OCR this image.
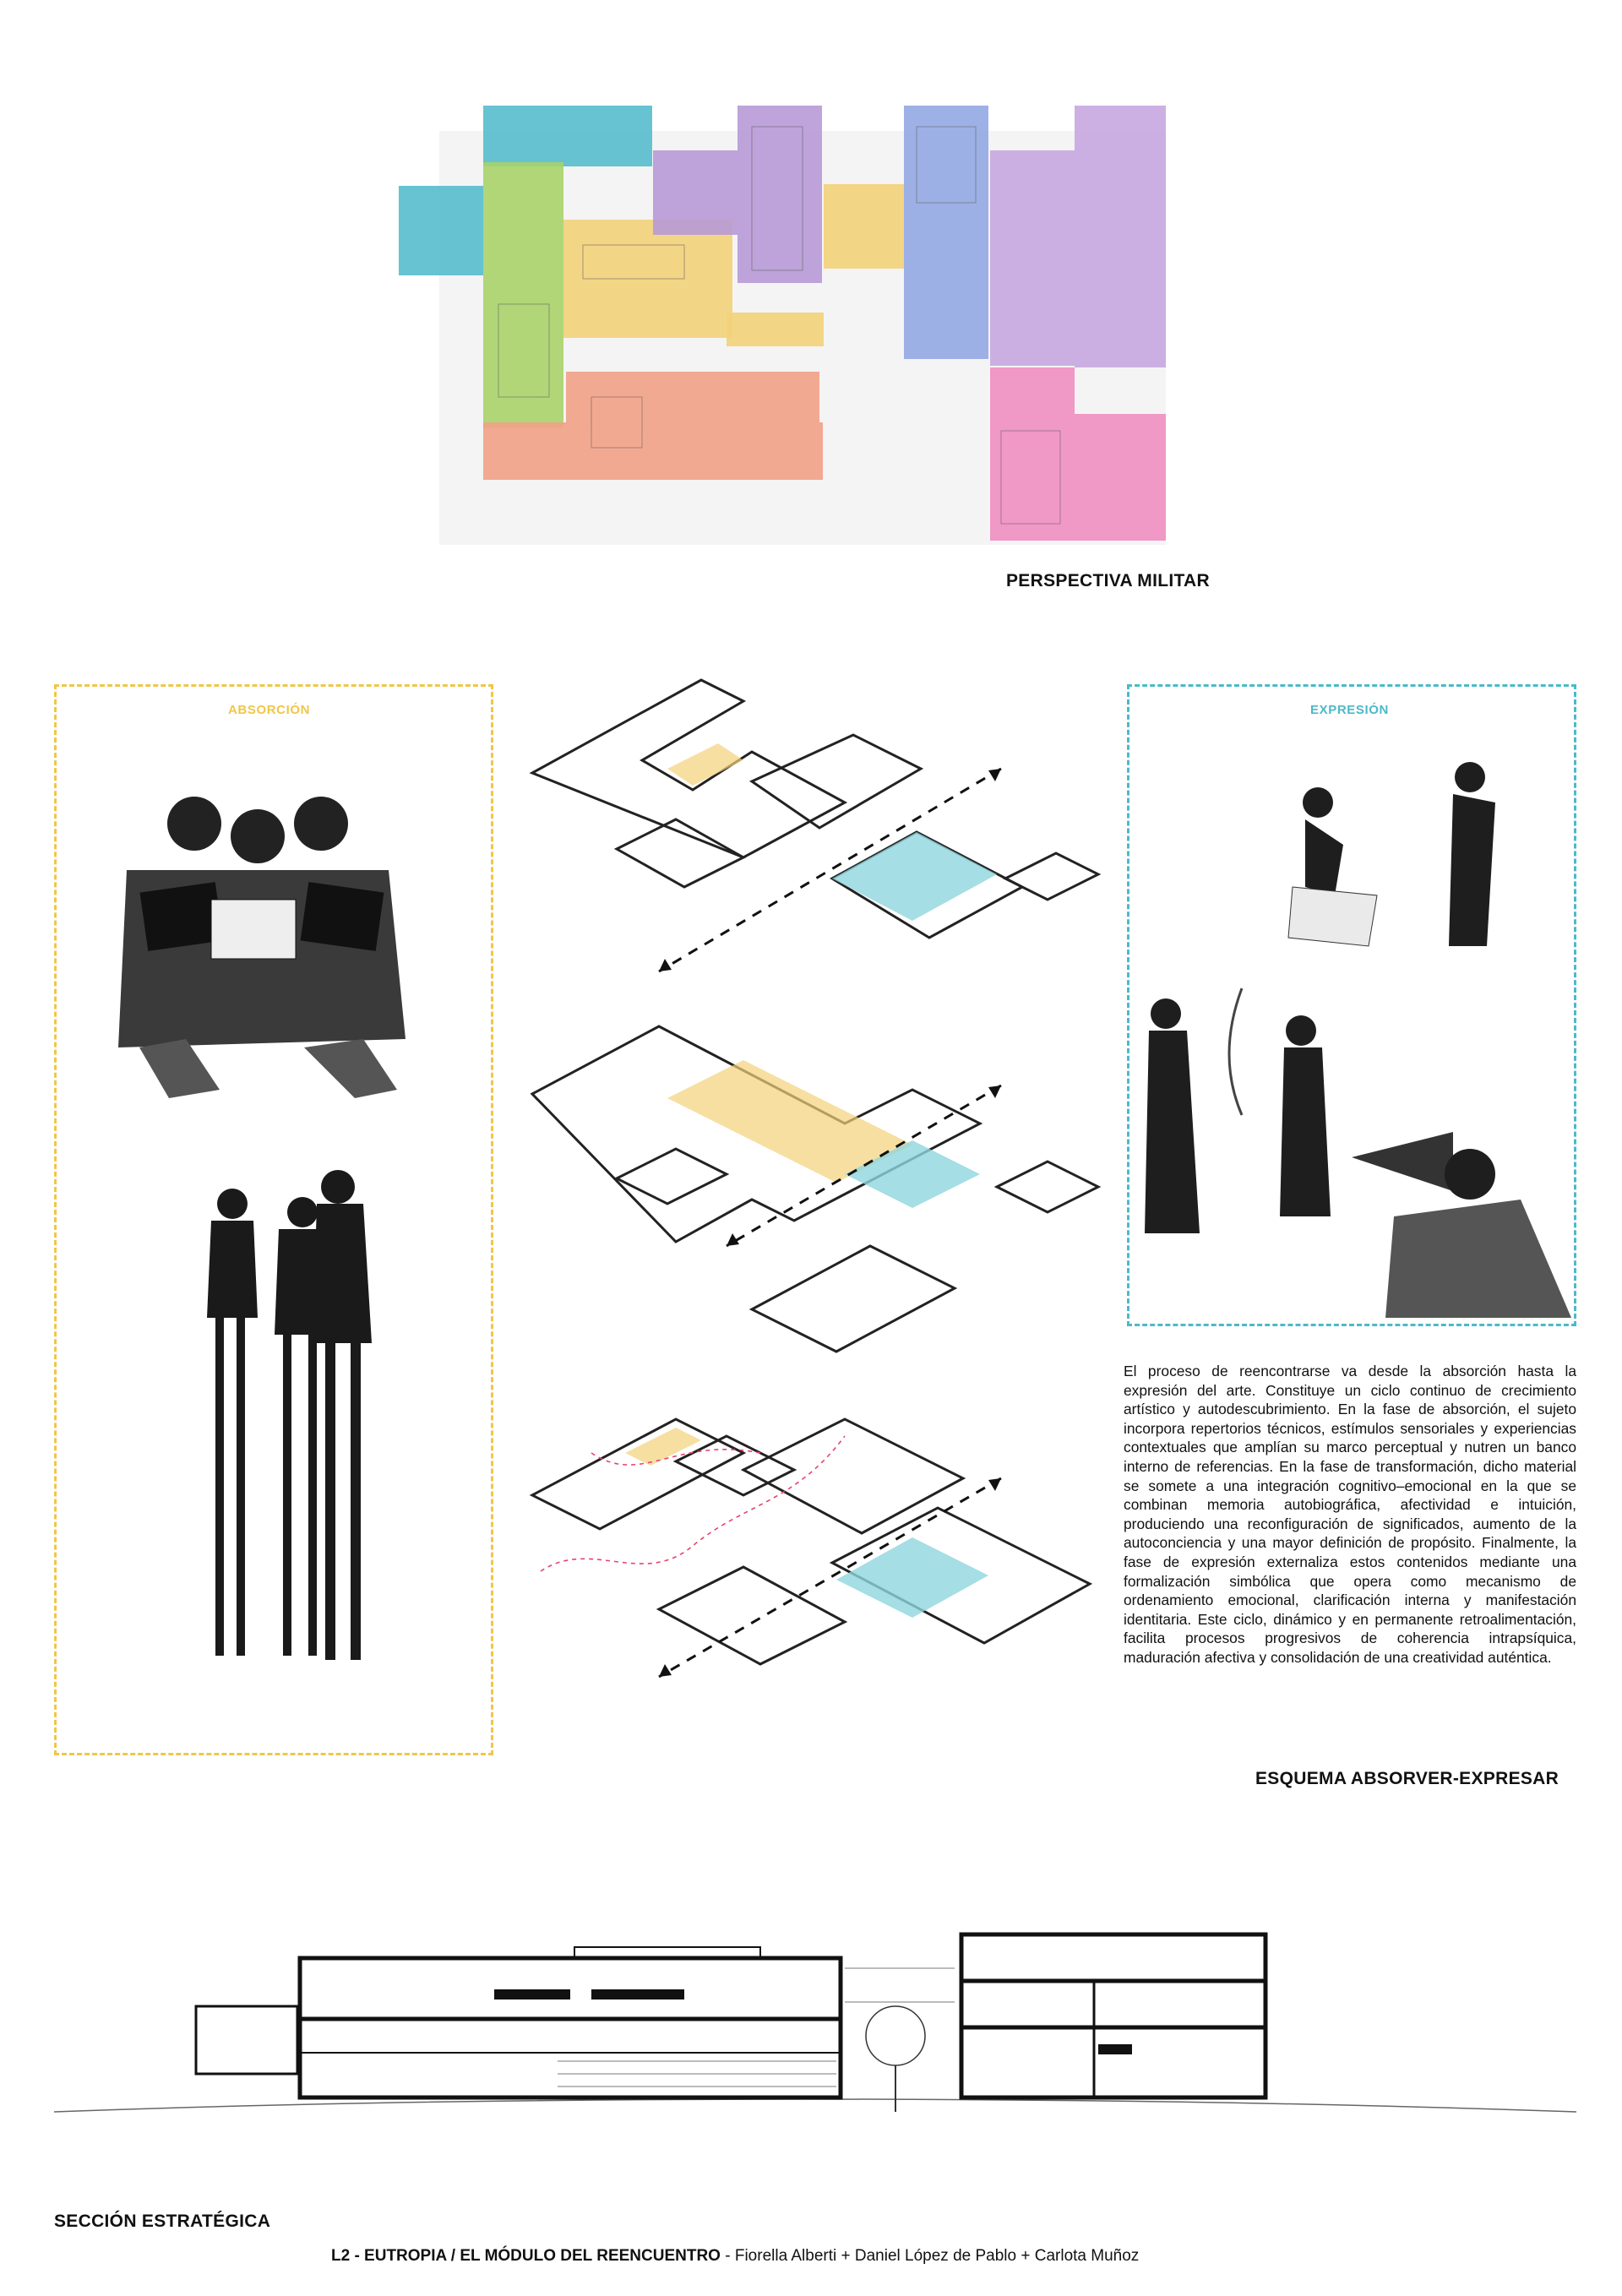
PERSPECTIVA MILITAR
ABSORCIÓN	EXPRESIÓN
El proceso de reencontrarse va desde la absorción hasta la expresión del arte. Constituye un ciclo continuo de crecimiento artístico y autodescubrimiento. En la fase de absorción, el sujeto incorpora repertorios técnicos, estímulos sensoriales y experiencias contextuales que amplían su marco perceptual y nutren un banco interno de referencias. En la fase de transformación, dicho material se somete a una integración cognitivo–emocional en la que se combinan memoria autobiográfica, afectividad e intuición, produciendo una reconfiguración de significados, aumento de la autoconciencia y una mayor definición de propósito. Finalmente, la fase de expresión externaliza estos contenidos mediante una formalización simbólica que opera como mecanismo de ordenamiento emocional, clarificación interna y manifestación identitaria. Este ciclo, dinámico y en permanente retroalimentación, facilita procesos progresivos de coherencia intrapsíquica, maduración afectiva y consolidación de una creatividad auténtica.
ESQUEMA ABSORVER-EXPRESAR
SECCIÓN ESTRATÉGICA
L2 - EUTROPIA / EL MÓDULO DEL REENCUENTRO - Fiorella Alberti + Daniel López de Pablo + Carlota Muñoz
